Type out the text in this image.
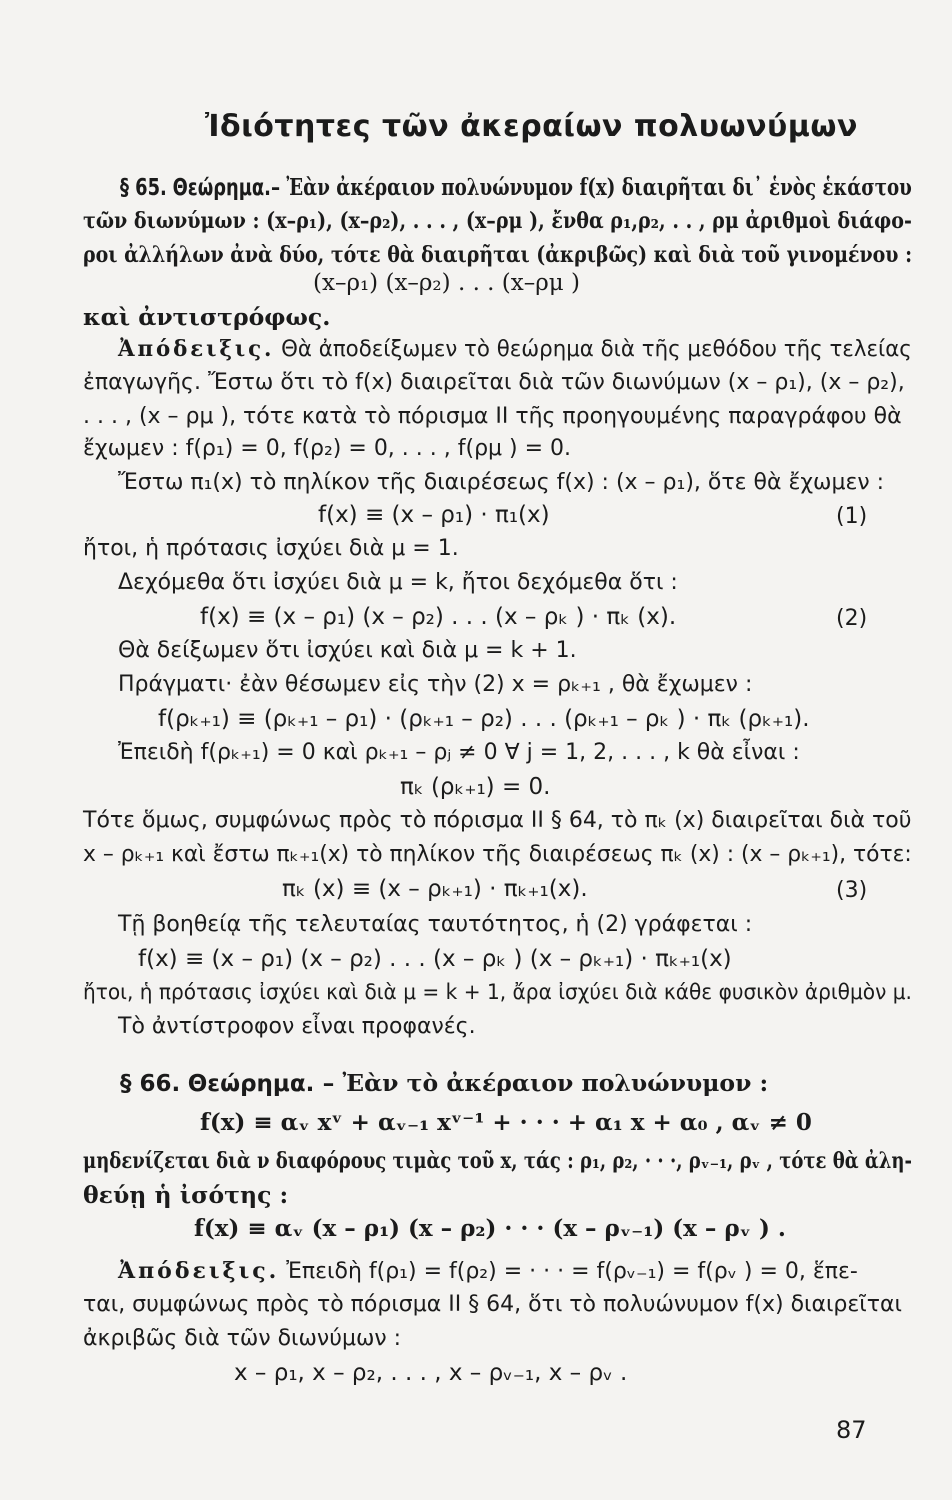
Ἰδιότητες τῶν ἀκεραίων πολυωνύμων
§ 65. Θεώρημα.– Ἐὰν ἀκέραιον πολυώνυμον f(x) διαιρῆται δι᾿ ἑνὸς ἑκάστου
τῶν διωνύμων : (x–ρ₁), (x–ρ₂), . . . , (x–ρμ ), ἔνθα ρ₁,ρ₂, . . , ρμ ἀριθμοὶ διάφο-
ροι ἀλλήλων ἀνὰ δύο, τότε θὰ διαιρῆται (ἀκριβῶς) καὶ διὰ τοῦ γινομένου :
(x–ρ₁) (x–ρ₂) . . . (x–ρμ )
καὶ ἀντιστρόφως.
Ἀπόδειξις. Θὰ ἀποδείξωμεν τὸ θεώρημα διὰ τῆς μεθόδου τῆς τελείας
ἐπαγωγῆς. Ἔστω ὅτι τὸ f(x) διαιρεῖται διὰ τῶν διωνύμων (x – ρ₁), (x – ρ₂),
. . . , (x – ρμ ), τότε κατὰ τὸ πόρισμα ΙΙ τῆς προηγουμένης παραγράφου θὰ
ἔχωμεν : f(ρ₁) = 0, f(ρ₂) = 0, . . . , f(ρμ ) = 0.
Ἔστω π₁(x) τὸ πηλίκον τῆς διαιρέσεως f(x) : (x – ρ₁), ὅτε θὰ ἔχωμεν :
f(x) ≡ (x – ρ₁) · π₁(x)	(1)
ἤτοι, ἡ πρότασις ἰσχύει διὰ μ = 1.
Δεχόμεθα ὅτι ἰσχύει διὰ μ = k, ἤτοι δεχόμεθα ὅτι :
f(x) ≡ (x – ρ₁) (x – ρ₂) . . . (x – ρₖ ) · πₖ (x).	(2)
Θὰ δείξωμεν ὅτι ἰσχύει καὶ διὰ μ = k + 1.
Πράγματι· ἐὰν θέσωμεν εἰς τὴν (2) x = ρₖ₊₁ , θὰ ἔχωμεν :
f(ρₖ₊₁) ≡ (ρₖ₊₁ – ρ₁) · (ρₖ₊₁ – ρ₂) . . . (ρₖ₊₁ – ρₖ ) · πₖ (ρₖ₊₁).
Ἐπειδὴ f(ρₖ₊₁) = 0 καὶ ρₖ₊₁ – ρⱼ ≠ 0 ∀ j = 1, 2, . . . , k θὰ εἶναι :
πₖ (ρₖ₊₁) = 0.
Τότε ὅμως, συμφώνως πρὸς τὸ πόρισμα ΙΙ § 64, τὸ πₖ (x) διαιρεῖται διὰ τοῦ
x – ρₖ₊₁ καὶ ἔστω πₖ₊₁(x) τὸ πηλίκον τῆς διαιρέσεως πₖ (x) : (x – ρₖ₊₁), τότε:
πₖ (x) ≡ (x – ρₖ₊₁) · πₖ₊₁(x).	(3)
Τῇ βοηθείᾳ τῆς τελευταίας ταυτότητος, ἡ (2) γράφεται :
f(x) ≡ (x – ρ₁) (x – ρ₂) . . . (x – ρₖ ) (x – ρₖ₊₁) · πₖ₊₁(x)
ἤτοι, ἡ πρότασις ἰσχύει καὶ διὰ μ = k + 1, ἄρα ἰσχύει διὰ κάθε φυσικὸν ἀριθμὸν μ.
Τὸ ἀντίστροφον εἶναι προφανές.
§ 66. Θεώρημα. – Ἐὰν τὸ ἀκέραιον πολυώνυμον :
f(x) ≡ αᵥ xᵛ + αᵥ₋₁ xᵛ⁻¹ + · · · + α₁ x + α₀ , αᵥ ≠ 0
μηδενίζεται διὰ ν διαφόρους τιμὰς τοῦ x, τάς : ρ₁, ρ₂, · · ·, ρᵥ₋₁, ρᵥ , τότε θὰ ἀλη-
θεύῃ ἡ ἰσότης :
f(x) ≡ αᵥ (x – ρ₁) (x – ρ₂) · · · (x – ρᵥ₋₁) (x – ρᵥ ) .
Ἀπόδειξις. Ἐπειδὴ f(ρ₁) = f(ρ₂) = · · · = f(ρᵥ₋₁) = f(ρᵥ ) = 0, ἕπε-
ται, συμφώνως πρὸς τὸ πόρισμα ΙΙ § 64, ὅτι τὸ πολυώνυμον f(x) διαιρεῖται
ἀκριβῶς διὰ τῶν διωνύμων :
x – ρ₁, x – ρ₂, . . . , x – ρᵥ₋₁, x – ρᵥ .
87
